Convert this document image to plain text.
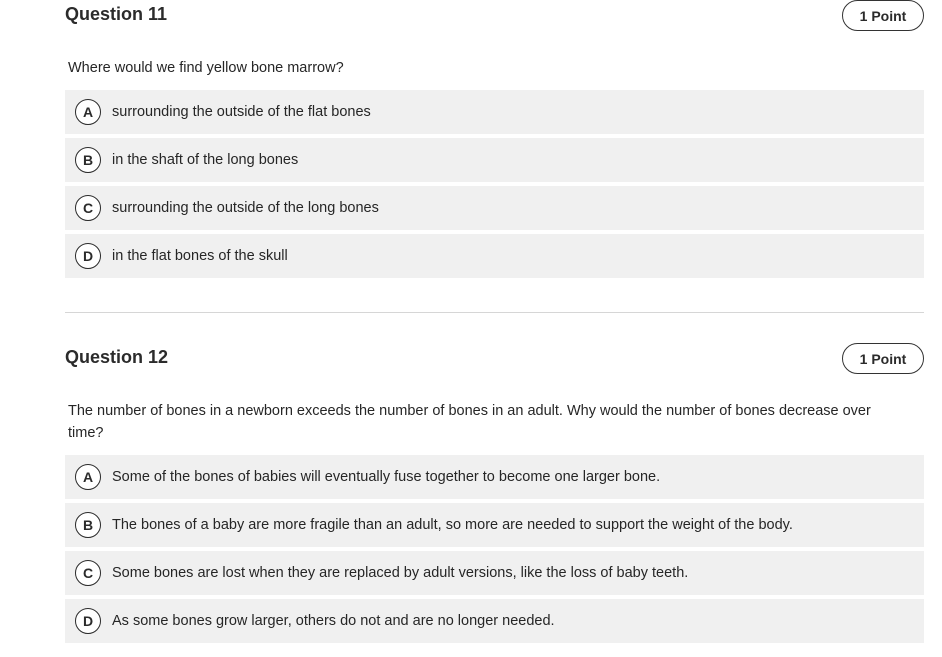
Question 11	1 Point
Where would we find yellow bone marrow?
A	surrounding the outside of the flat bones
B	in the shaft of the long bones
C	surrounding the outside of the long bones
D	in the flat bones of the skull
Question 12	1 Point
The number of bones in a newborn exceeds the number of bones in an adult. Why would the number of bones decrease over time?
A	Some of the bones of babies will eventually fuse together to become one larger bone.
B	The bones of a baby are more fragile than an adult, so more are needed to support the weight of the body.
C	Some bones are lost when they are replaced by adult versions, like the loss of baby teeth.
D	As some bones grow larger, others do not and are no longer needed.
